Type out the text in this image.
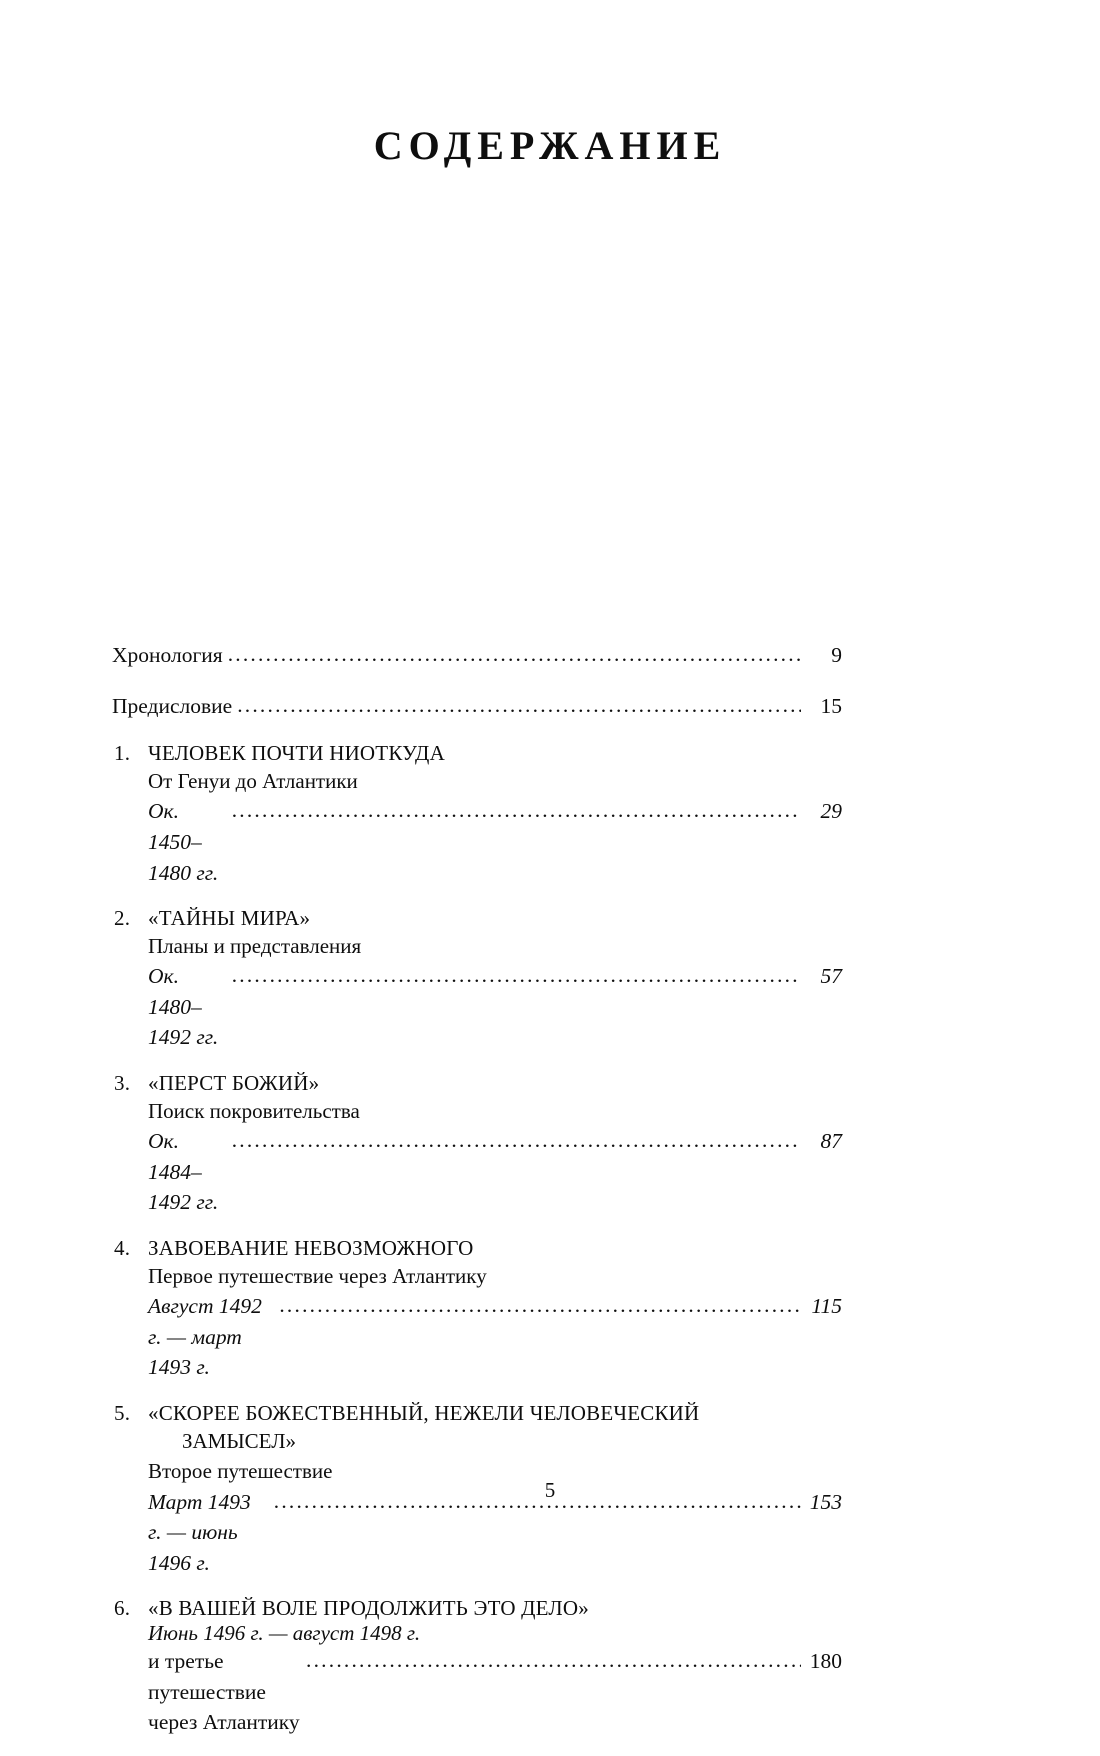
СОДЕРЖАНИЕ
Хронология .....	9
Предисловие .....	15
1. ЧЕЛОВЕК ПОЧТИ НИОТКУДА
От Генуи до Атлантики
Ок. 1450–1480 гг.
.....
29
2. «ТАЙНЫ МИРА»
Планы и представления
Ок. 1480–1492 гг.
.....
57
3. «ПЕРСТ БОЖИЙ»
Поиск покровительства
Ок. 1484–1492 гг.
.....
87
4. ЗАВОЕВАНИЕ НЕВОЗМОЖНОГО
Первое путешествие через Атлантику
Август 1492 г. — март 1493 г.
.....
115
5. «СКОРЕЕ БОЖЕСТВЕННЫЙ, НЕЖЕЛИ ЧЕЛОВЕЧЕСКИЙ
ЗАМЫСЕЛ»
Второе путешествие
Март 1493 г. — июнь 1496 г.
.....
153
6. «В ВАШЕЙ ВОЛЕ ПРОДОЛЖИТЬ ЭТО ДЕЛО»
Июнь 1496 г. — август 1498 г.
и третье путешествие через Атлантику
.....
180
5
